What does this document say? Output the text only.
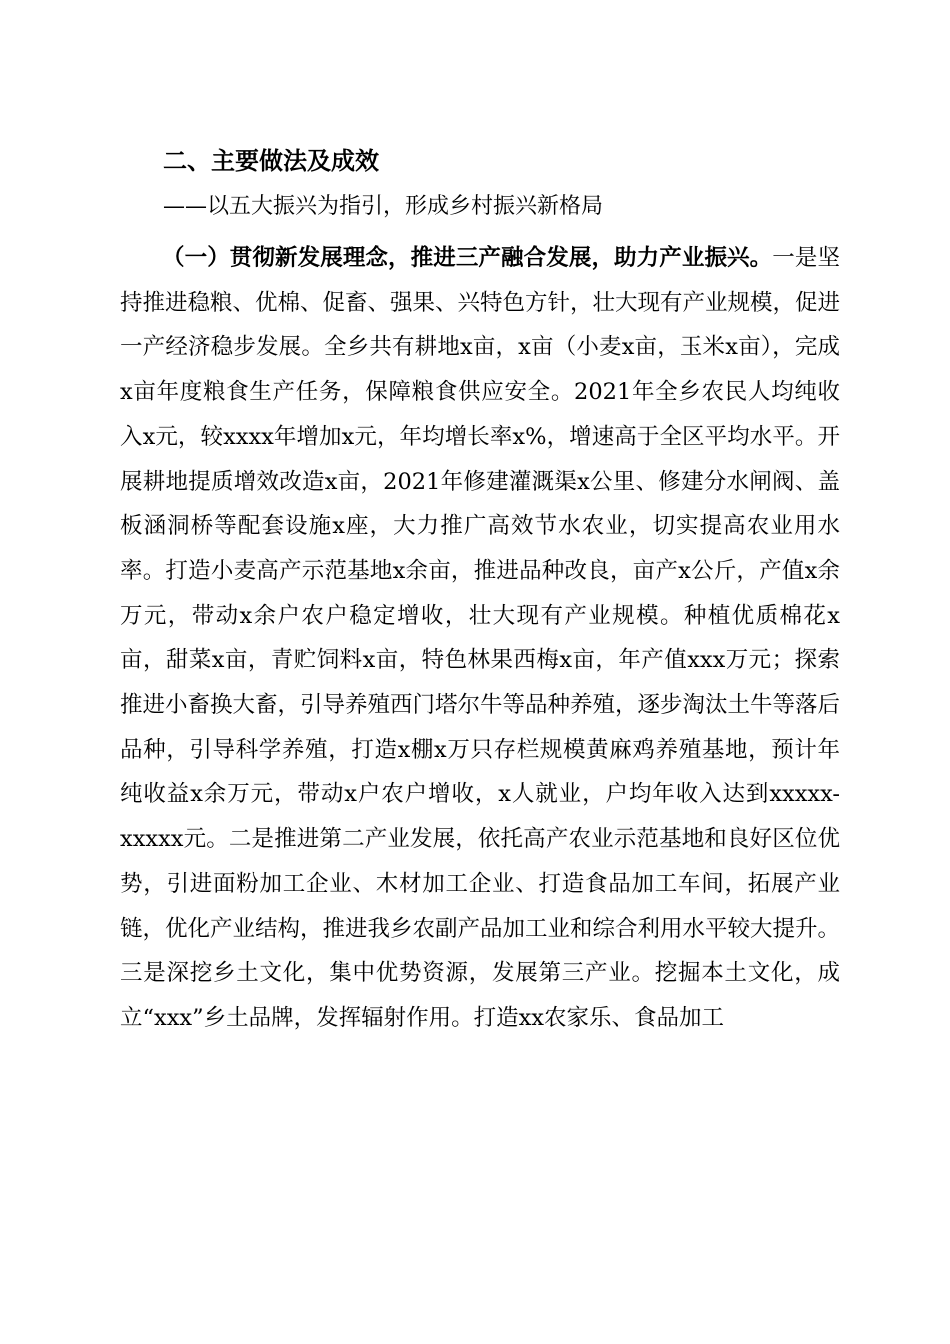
二、主要做法及成效
——以五大振兴为指引，形成乡村振兴新格局

（一）贯彻新发展理念，推进三产融合发展，助力产业振兴。一是坚持推进稳粮、优棉、促畜、强果、兴特色方针，壮大现有产业规模，促进一产经济稳步发展。全乡共有耕地x亩，x亩（小麦x亩，玉米x亩），完成x亩年度粮食生产任务，保障粮食供应安全。2021年全乡农民人均纯收入x元，较xxxx年增加x元，年均增长率x%，增速高于全区平均水平。开展耕地提质增效改造x亩，2021年修建灌溉渠x公里、修建分水闸阀、盖板涵洞桥等配套设施x座，大力推广高效节水农业，切实提高农业用水率。打造小麦高产示范基地x余亩，推进品种改良，亩产x公斤，产值x余万元，带动x余户农户稳定增收，壮大现有产业规模。种植优质棉花x亩，甜菜x亩，青贮饲料x亩，特色林果西梅x亩，年产值xxx万元；探索推进小畜换大畜，引导养殖西门塔尔牛等品种养殖，逐步淘汰土牛等落后品种，引导科学养殖，打造x棚x万只存栏规模黄麻鸡养殖基地，预计年纯收益x余万元，带动x户农户增收，x人就业，户均年收入达到xxxxx-xxxxx元。二是推进第二产业发展，依托高产农业示范基地和良好区位优势，引进面粉加工企业、木材加工企业、打造食品加工车间，拓展产业链，优化产业结构，推进我乡农副产品加工业和综合利用水平较大提升。三是深挖乡土文化，集中优势资源，发展第三产业。挖掘本土文化，成立“xxx”乡土品牌，发挥辐射作用。打造xx农家乐、食品加工
